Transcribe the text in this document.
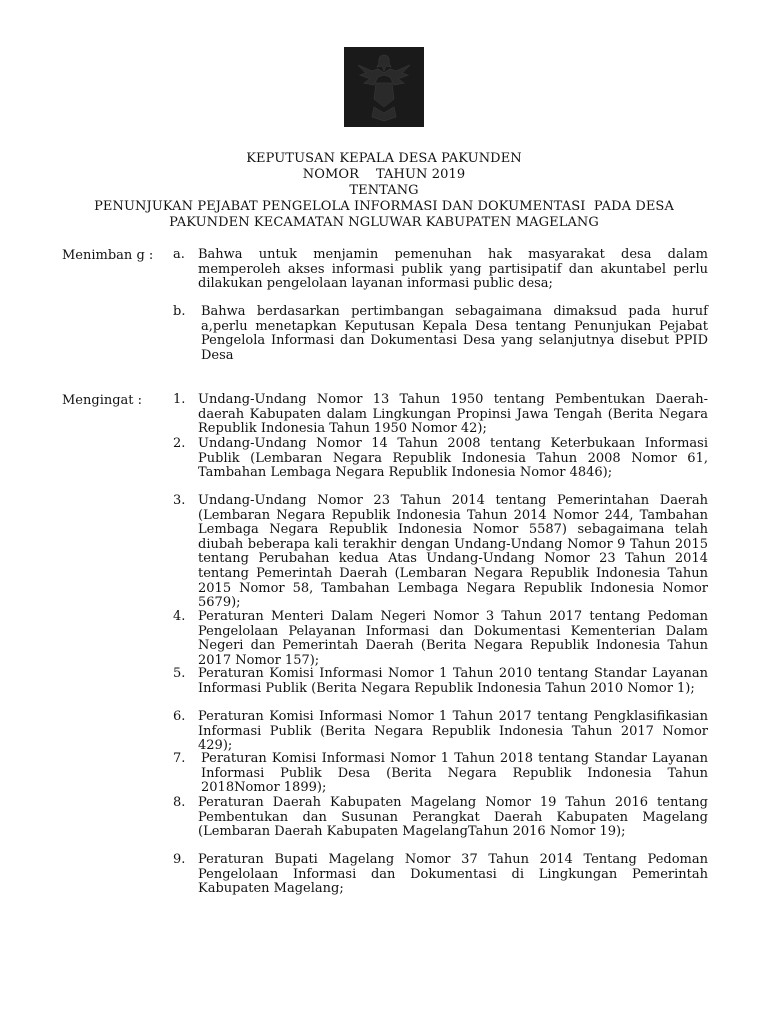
KEPUTUSAN KEPALA DESA PAKUNDEN
NOMOR    TAHUN 2019
TENTANG
PENUNJUKAN PEJABAT PENGELOLA INFORMASI DAN DOKUMENTASI  PADA DESA
PAKUNDEN KECAMATAN NGLUWAR KABUPATEN MAGELANG
Menimban g : a. Bahwa untuk menjamin pemenuhan hak masyarakat desa dalam memperoleh akses informasi publik yang partisipatif dan akuntabel perlu dilakukan pengelolaan layanan informasi public desa;
b. Bahwa berdasarkan pertimbangan sebagaimana dimaksud pada huruf a,perlu menetapkan Keputusan Kepala Desa tentang Penunjukan Pejabat Pengelola Informasi dan Dokumentasi Desa yang selanjutnya disebut PPID Desa
Mengingat :	1. Undang-Undang Nomor 13 Tahun 1950 tentang Pembentukan Daerah-daerah Kabupaten dalam Lingkungan Propinsi Jawa Tengah (Berita Negara Republik Indonesia Tahun 1950 Nomor 42);
2. Undang-Undang Nomor 14 Tahun 2008 tentang Keterbukaan Informasi Publik (Lembaran Negara Republik Indonesia Tahun 2008 Nomor 61, Tambahan Lembaga Negara Republik Indonesia Nomor 4846);
3. Undang-Undang Nomor 23 Tahun 2014 tentang Pemerintahan Daerah (Lembaran Negara Republik Indonesia Tahun 2014 Nomor 244, Tambahan Lembaga Negara Republik Indonesia Nomor 5587) sebagaimana telah diubah beberapa kali terakhir dengan Undang-Undang Nomor 9 Tahun 2015 tentang Perubahan kedua Atas Undang-Undang Nomor 23 Tahun 2014 tentang Pemerintah Daerah (Lembaran Negara Republik Indonesia Tahun 2015 Nomor 58, Tambahan Lembaga Negara Republik Indonesia Nomor 5679);
4. Peraturan Menteri Dalam Negeri Nomor 3 Tahun 2017 tentang Pedoman Pengelolaan Pelayanan Informasi dan Dokumentasi Kementerian Dalam Negeri dan Pemerintah Daerah (Berita Negara Republik Indonesia Tahun 2017 Nomor 157);
5. Peraturan Komisi Informasi Nomor 1 Tahun 2010 tentang Standar Layanan Informasi Publik (Berita Negara Republik Indonesia Tahun 2010 Nomor 1);
6. Peraturan Komisi Informasi Nomor 1 Tahun 2017 tentang Pengklasifikasian Informasi Publik (Berita Negara Republik Indonesia Tahun 2017 Nomor 429);
7. Peraturan Komisi Informasi Nomor 1 Tahun 2018 tentang Standar Layanan Informasi Publik Desa (Berita Negara Republik Indonesia Tahun 2018Nomor 1899);
8. Peraturan Daerah Kabupaten Magelang Nomor 19 Tahun 2016 tentang Pembentukan dan Susunan Perangkat Daerah Kabupaten Magelang (Lembaran Daerah Kabupaten MagelangTahun 2016 Nomor 19);
9. Peraturan Bupati Magelang Nomor 37 Tahun 2014 Tentang Pedoman Pengelolaan Informasi dan Dokumentasi di Lingkungan Pemerintah Kabupaten Magelang;
